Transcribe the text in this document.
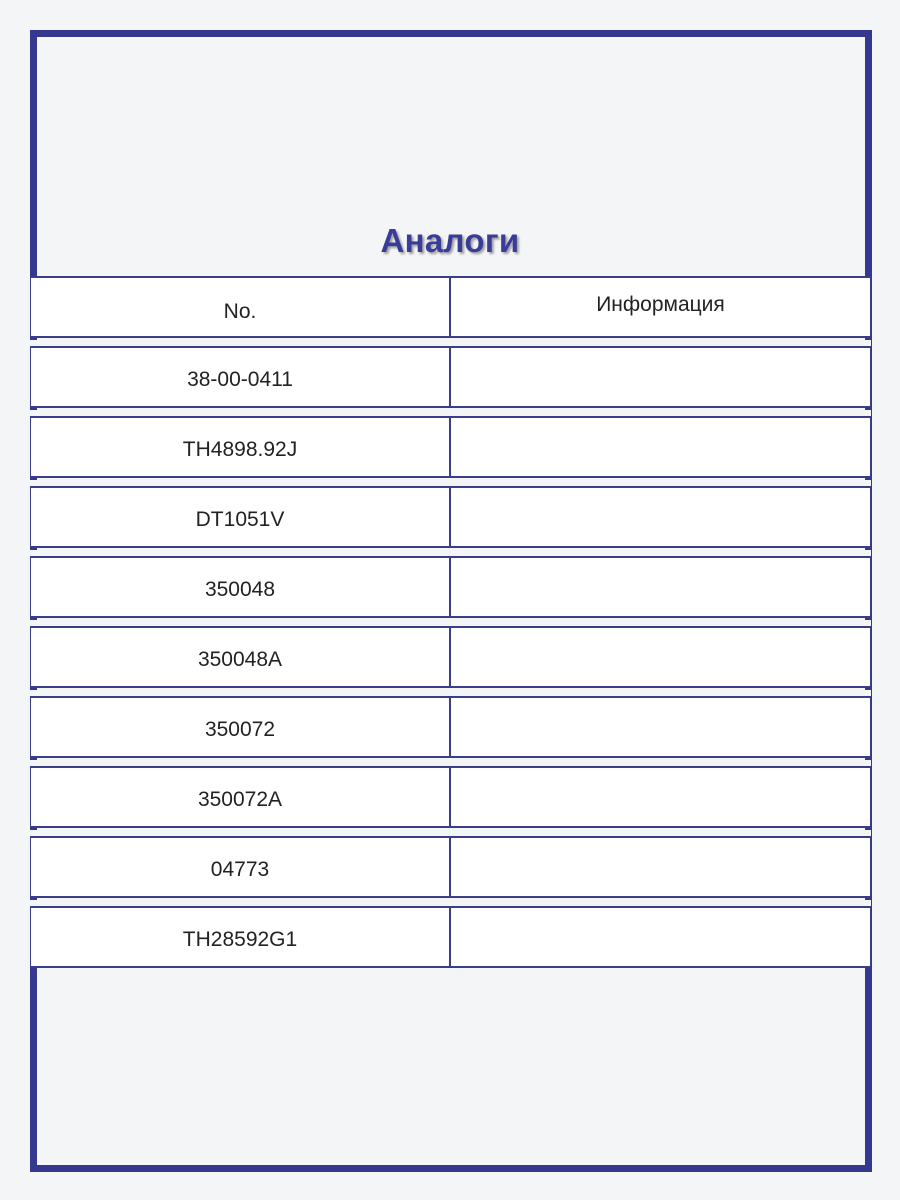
Аналоги
No.	Информация
38-00-0411
TH4898.92J
DT1051V
350048
350048A
350072
350072A
04773
TH28592G1
